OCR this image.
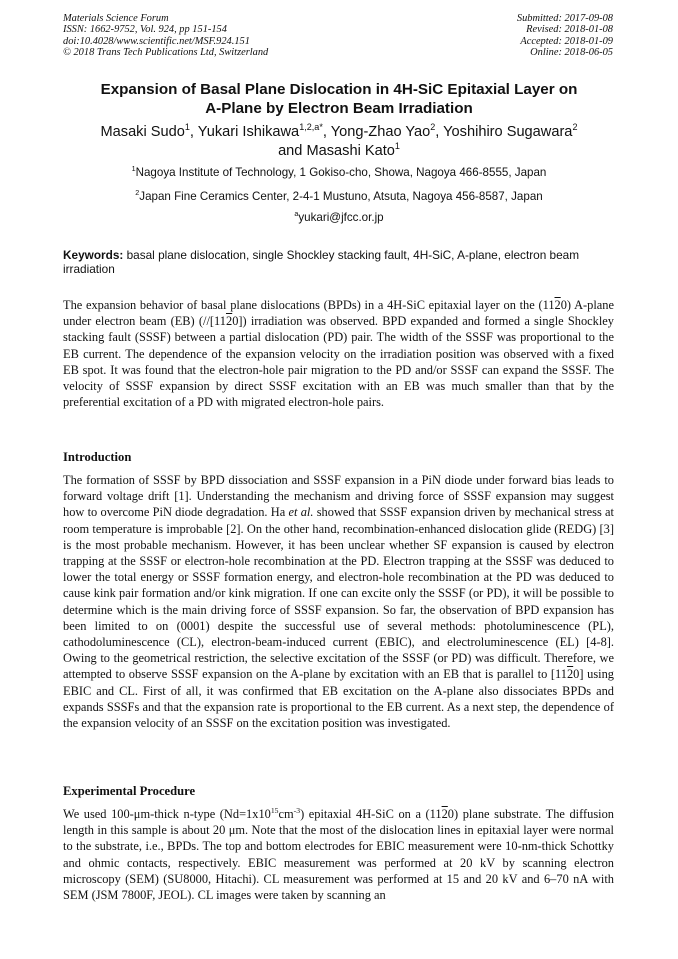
Materials Science Forum
ISSN: 1662-9752, Vol. 924, pp 151-154
doi:10.4028/www.scientific.net/MSF.924.151
© 2018 Trans Tech Publications Ltd, Switzerland
Submitted: 2017-09-08
Revised: 2018-01-08
Accepted: 2018-01-09
Online: 2018-06-05
Expansion of Basal Plane Dislocation in 4H-SiC Epitaxial Layer on
A-Plane by Electron Beam Irradiation
Masaki Sudo$^1$, Yukari Ishikawa$^{1,2,a*}$, Yong-Zhao Yao$^2$, Yoshihiro Sugawara$^2$
and Masashi Kato$^1$
$^1$Nagoya Institute of Technology, 1 Gokiso-cho, Showa, Nagoya 466-8555, Japan
$^2$Japan Fine Ceramics Center, 2-4-1 Mustuno, Atsuta, Nagoya 456-8587, Japan
$^a$yukari@jfcc.or.jp
Keywords: basal plane dislocation, single Shockley stacking fault, 4H-SiC, A-plane, electron beam irradiation
The expansion behavior of basal plane dislocations (BPDs) in a 4H-SiC epitaxial layer on the (1120) A-plane under electron beam (EB) (//[1120]) irradiation was observed. BPD expanded and formed a single Shockley stacking fault (SSSF) between a partial dislocation (PD) pair. The width of the SSSF was proportional to the EB current. The dependence of the expansion velocity on the irradiation position was observed with a fixed EB spot. It was found that the electron-hole pair migration to the PD and/or SSSF can expand the SSSF. The velocity of SSSF expansion by direct SSSF excitation with an EB was much smaller than that by the preferential excitation of a PD with migrated electron-hole pairs.
Introduction
The formation of SSSF by BPD dissociation and SSSF expansion in a PiN diode under forward bias leads to forward voltage drift [1]. Understanding the mechanism and driving force of SSSF expansion may suggest how to overcome PiN diode degradation. Ha et al. showed that SSSF expansion driven by mechanical stress at room temperature is improbable [2]. On the other hand, recombination-enhanced dislocation glide (REDG) [3] is the most probable mechanism. However, it has been unclear whether SF expansion is caused by electron trapping at the SSSF or electron-hole recombination at the PD. Electron trapping at the SSSF was deduced to lower the total energy or SSSF formation energy, and electron-hole recombination at the PD was deduced to cause kink pair formation and/or kink migration. If one can excite only the SSSF (or PD), it will be possible to determine which is the main driving force of SSSF expansion. So far, the observation of BPD expansion has been limited to on (0001) despite the successful use of several methods: photoluminescence (PL), cathodoluminescence (CL), electron-beam-induced current (EBIC), and electroluminescence (EL) [4-8]. Owing to the geometrical restriction, the selective excitation of the SSSF (or PD) was difficult. Therefore, we attempted to observe SSSF expansion on the A-plane by excitation with an EB that is parallel to [1120] using EBIC and CL. First of all, it was confirmed that EB excitation on the A-plane also dissociates BPDs and expands SSSFs and that the expansion rate is proportional to the EB current. As a next step, the dependence of the expansion velocity of an SSSF on the excitation position was investigated.
Experimental Procedure
We used 100-μm-thick n-type $(Nd=1x10^{15}cm^{-3})$ epitaxial 4H-SiC on a (1120) plane substrate. The diffusion length in this sample is about 20 μm. Note that the most of the dislocation lines in epitaxial layer were normal to the substrate, i.e., BPDs. The top and bottom electrodes for EBIC measurement were 10-nm-thick Schottky and ohmic contacts, respectively. EBIC measurement was performed at 20 kV by scanning electron microscopy (SEM) (SU8000, Hitachi). CL measurement was performed at 15 and 20 kV and 6–70 nA with SEM (JSM 7800F, JEOL). CL images were taken by scanning an
